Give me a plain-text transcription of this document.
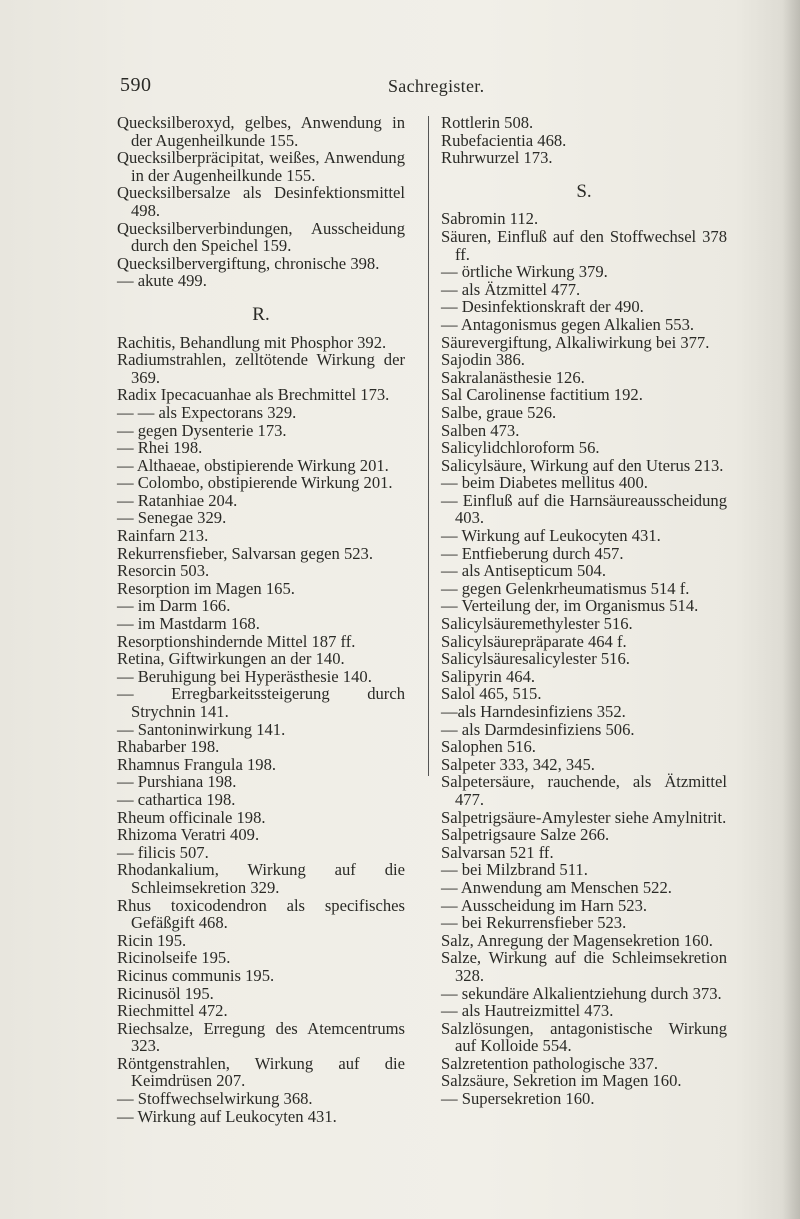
590	Sachregister.

Quecksilberoxyd, gelbes, Anwendung in der Augenheilkunde 155.

Quecksilberpräcipitat, weißes, Anwendung in der Augenheilkunde 155.

Quecksilbersalze als Desinfektionsmittel 498.

Quecksilberverbindungen, Ausscheidung durch den Speichel 159.

Quecksilbervergiftung, chronische 398.

— akute 499.

R.

Rachitis, Behandlung mit Phosphor 392.

Radiumstrahlen, zelltötende Wirkung der 369.

Radix Ipecacuanhae als Brechmittel 173.

— — als Expectorans 329.

— gegen Dysenterie 173.

— Rhei 198.

— Althaeae, obstipierende Wirkung 201.

— Colombo, obstipierende Wirkung 201.

— Ratanhiae 204.

— Senegae 329.

Rainfarn 213.

Rekurrensfieber, Salvarsan gegen 523.

Resorcin 503.

Resorption im Magen 165.

— im Darm 166.

— im Mastdarm 168.

Resorptionshindernde Mittel 187 ff.

Retina, Giftwirkungen an der 140.

— Beruhigung bei Hyperästhesie 140.

— Erregbarkeitssteigerung durch Strychnin 141.

— Santoninwirkung 141.

Rhabarber 198.

Rhamnus Frangula 198.

— Purshiana 198.

— cathartica 198.

Rheum officinale 198.

Rhizoma Veratri 409.

— filicis 507.

Rhodankalium, Wirkung auf die Schleimsekretion 329.

Rhus toxicodendron als specifisches Gefäßgift 468.

Ricin 195.

Ricinolseife 195.

Ricinus communis 195.

Ricinusöl 195.

Riechmittel 472.

Riechsalze, Erregung des Atemcentrums 323.

Röntgenstrahlen, Wirkung auf die Keimdrüsen 207.

— Stoffwechselwirkung 368.

— Wirkung auf Leukocyten 431.

Rottlerin 508.

Rubefacientia 468.

Ruhrwurzel 173.

S.

Sabromin 112.

Säuren, Einfluß auf den Stoffwechsel 378 ff.

— örtliche Wirkung 379.

— als Ätzmittel 477.

— Desinfektionskraft der 490.

— Antagonismus gegen Alkalien 553.

Säurevergiftung, Alkaliwirkung bei 377.

Sajodin 386.

Sakralanästhesie 126.

Sal Carolinense factitium 192.

Salbe, graue 526.

Salben 473.

Salicylidchloroform 56.

Salicylsäure, Wirkung auf den Uterus 213.

— beim Diabetes mellitus 400.

— Einfluß auf die Harnsäureausscheidung 403.

— Wirkung auf Leukocyten 431.

— Entfieberung durch 457.

— als Antisepticum 504.

— gegen Gelenkrheumatismus 514 f.

— Verteilung der, im Organismus 514.

Salicylsäuremethylester 516.

Salicylsäurepräparate 464 f.

Salicylsäuresalicylester 516.

Salipyrin 464.

Salol 465, 515.

—als Harndesinfiziens 352.

— als Darmdesinfiziens 506.

Salophen 516.

Salpeter 333, 342, 345.

Salpetersäure, rauchende, als Ätzmittel 477.

Salpetrigsäure-Amylester siehe Amylnitrit.

Salpetrigsaure Salze 266.

Salvarsan 521 ff.

— bei Milzbrand 511.

— Anwendung am Menschen 522.

— Ausscheidung im Harn 523.

— bei Rekurrensfieber 523.

Salz, Anregung der Magensekretion 160.

Salze, Wirkung auf die Schleimsekretion 328.

— sekundäre Alkalientziehung durch 373.

— als Hautreizmittel 473.

Salzlösungen, antagonistische Wirkung auf Kolloide 554.

Salzretention pathologische 337.

Salzsäure, Sekretion im Magen 160.

— Supersekretion 160.
